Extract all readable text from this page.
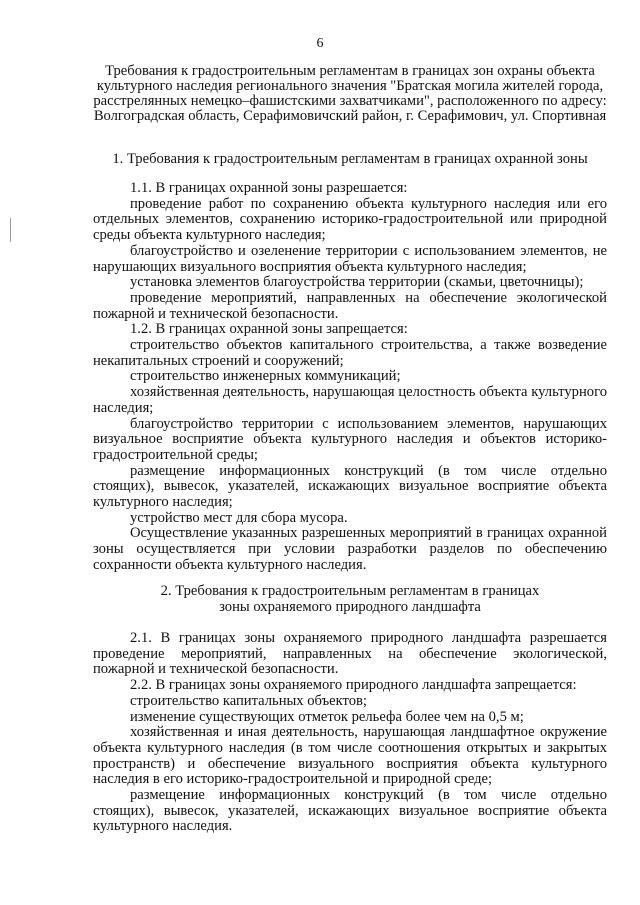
6
Требования к градостроительным регламентам в границах зон охраны объекта культурного наследия регионального значения "Братская могила жителей города, расстрелянных немецко–фашистскими захватчиками", расположенного по адресу: Волгоградская область, Серафимовичский район, г. Серафимович, ул. Спортивная
1. Требования к градостроительным регламентам в границах охранной зоны

1.1. В границах охранной зоны разрешается:

проведение работ по сохранению объекта культурного наследия или его отдельных элементов, сохранению историко-градостроительной или природной среды объекта культурного наследия;

благоустройство и озеленение территории с использованием элементов, не нарушающих визуального восприятия объекта культурного наследия;

установка элементов благоустройства территории (скамьи, цветочницы);

проведение мероприятий, направленных на обеспечение экологической пожарной и технической безопасности.

1.2. В границах охранной зоны запрещается:

строительство объектов капитального строительства, а также возведение некапитальных строений и сооружений;

строительство инженерных коммуникаций;

хозяйственная деятельность, нарушающая целостность объекта культурного наследия;

благоустройство территории с использованием элементов, нарушающих визуальное восприятие объекта культурного наследия и объектов историко-градостроительной среды;

размещение информационных конструкций (в том числе отдельно стоящих), вывесок, указателей, искажающих визуальное восприятие объекта культурного наследия;

устройство мест для сбора мусора.

Осуществление указанных разрешенных мероприятий в границах охранной зоны осуществляется при условии разработки разделов по обеспечению сохранности объекта культурного наследия.

2. Требования к градостроительным регламентам в границах
зоны охраняемого природного ландшафта

2.1. В границах зоны охраняемого природного ландшафта разрешается проведение мероприятий, направленных на обеспечение экологической, пожарной и технической безопасности.

2.2. В границах зоны охраняемого природного ландшафта запрещается:

строительство капитальных объектов;

изменение существующих отметок рельефа более чем на 0,5 м;

хозяйственная и иная деятельность, нарушающая ландшафтное окружение объекта культурного наследия (в том числе соотношения открытых и закрытых пространств) и обеспечение визуального восприятия объекта культурного наследия в его историко-градостроительной и природной среде;

размещение информационных конструкций (в том числе отдельно стоящих), вывесок, указателей, искажающих визуальное восприятие объекта культурного наследия.
